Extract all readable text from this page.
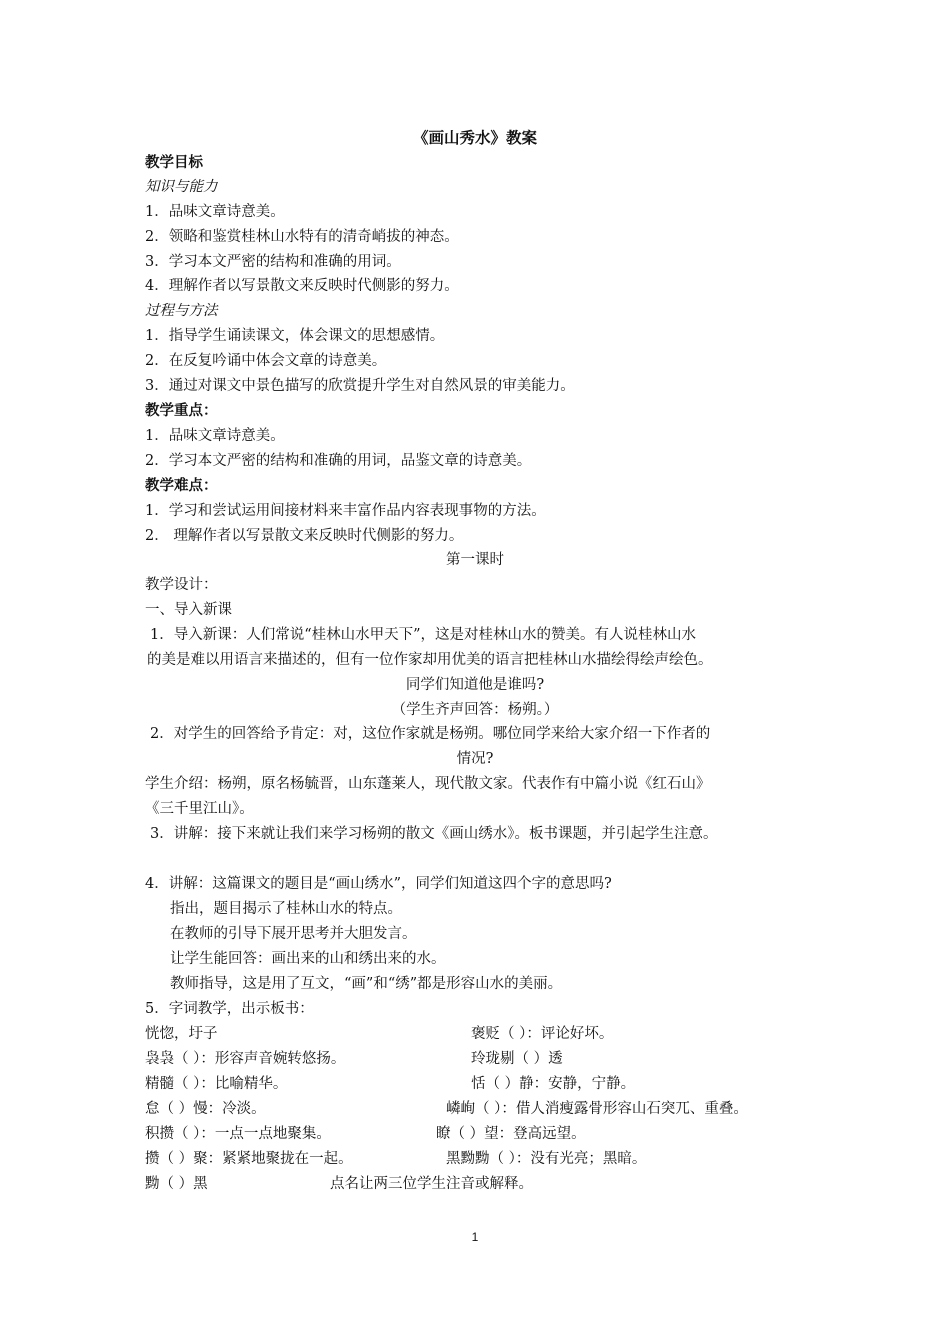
《画山秀水》教案
教学目标
知识与能力
1．品味文章诗意美。
2．领略和鉴赏桂林山水特有的清奇峭拔的神态。
3．学习本文严密的结构和准确的用词。
4．理解作者以写景散文来反映时代侧影的努力。
过程与方法
1．指导学生诵读课文，体会课文的思想感情。
2．在反复吟诵中体会文章的诗意美。
3．通过对课文中景色描写的欣赏提升学生对自然风景的审美能力。
教学重点：
1．品味文章诗意美。
2．学习本文严密的结构和准确的用词，品鉴文章的诗意美。
教学难点：
1．学习和尝试运用间接材料来丰富作品内容表现事物的方法。
2． 理解作者以写景散文来反映时代侧影的努力。
第一课时
教学设计：
一、导入新课
1．导入新课：人们常说“桂林山水甲天下”，这是对桂林山水的赞美。有人说桂林山水
的美是难以用语言来描述的，但有一位作家却用优美的语言把桂林山水描绘得绘声绘色。
同学们知道他是谁吗?
（学生齐声回答：杨朔。）
2．对学生的回答给予肯定：对，这位作家就是杨朔。哪位同学来给大家介绍一下作者的
情况?
学生介绍：杨朔，原名杨毓晋，山东蓬莱人，现代散文家。代表作有中篇小说《红石山》
《三千里江山》。
3．讲解：接下来就让我们来学习杨朔的散文《画山绣水》。板书课题，并引起学生注意。
4．讲解：这篇课文的题目是“画山绣水”，同学们知道这四个字的意思吗?
指出，题目揭示了桂林山水的特点。
在教师的引导下展开思考并大胆发言。
让学生能回答：画出来的山和绣出来的水。
教师指导，这是用了互文，“画”和“绣”都是形容山水的美丽。
5．字词教学，出示板书：
恍惚，圩子
袅袅（ ）：形容声音婉转悠扬。
精髓（ ）：比喻精华。
怠（ ）慢：冷淡。
积攒（ ）：一点一点地聚集。
攒（ ）聚：紧紧地聚拢在一起。
黝（ ）黑
褒贬（ ）：评论好坏。
玲珑剔（ ）透
恬（ ）静：安静，宁静。
嶙峋（ ）：借人消瘦露骨形容山石突兀、重叠。
瞭（ ）望：登高远望。
黑黝黝（ ）：没有光亮；黑暗。
点名让两三位学生注音或解释。
1
